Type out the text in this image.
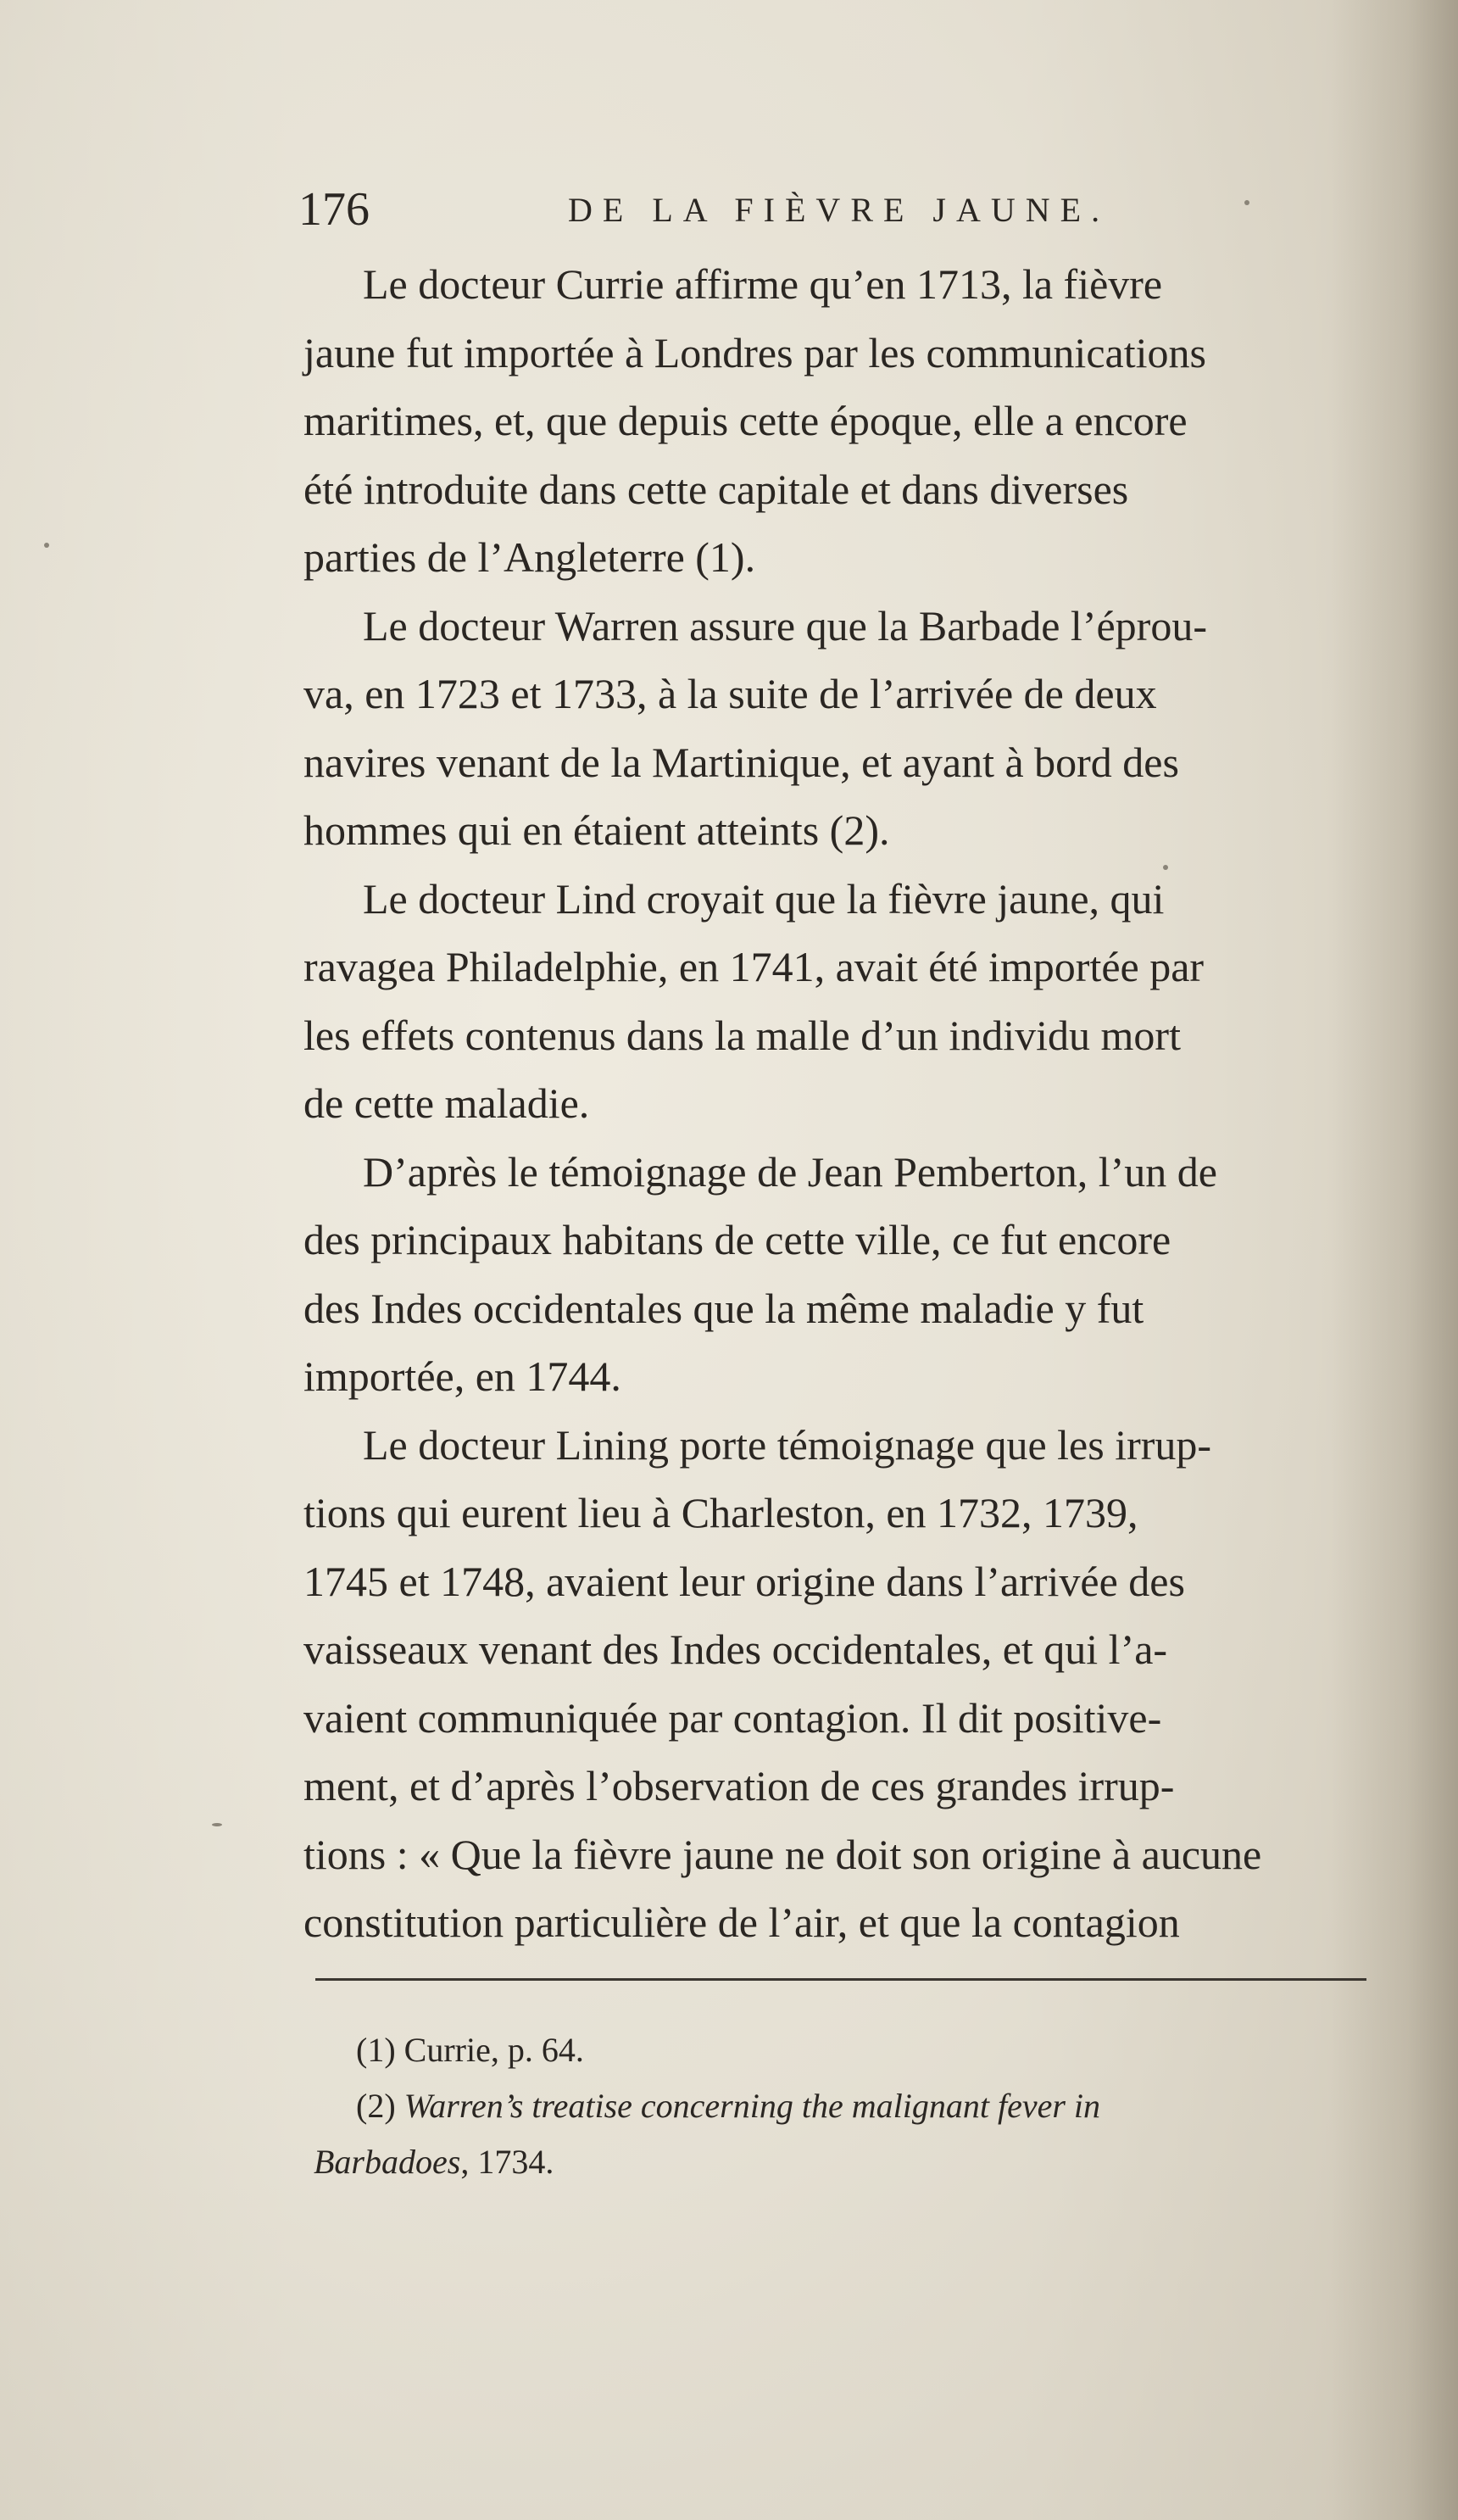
176	DE LA FIÈVRE JAUNE.
Le docteur Currie affirme qu’en 1713, la fièvre
jaune fut importée à Londres par les communications
maritimes, et, que depuis cette époque, elle a encore
été introduite dans cette capitale et dans diverses
parties de l’Angleterre (1).
Le docteur Warren assure que la Barbade l’éprou-
va, en 1723 et 1733, à la suite de l’arrivée de deux
navires venant de la Martinique, et ayant à bord des
hommes qui en étaient atteints (2).
Le docteur Lind croyait que la fièvre jaune, qui
ravagea Philadelphie, en 1741, avait été importée par
les effets contenus dans la malle d’un individu mort
de cette maladie.
D’après le témoignage de Jean Pemberton, l’un de
des principaux habitans de cette ville, ce fut encore
des Indes occidentales que la même maladie y fut
importée, en 1744.
Le docteur Lining porte témoignage que les irrup-
tions qui eurent lieu à Charleston, en 1732, 1739,
1745 et 1748, avaient leur origine dans l’arrivée des
vaisseaux venant des Indes occidentales, et qui l’a-
vaient communiquée par contagion. Il dit positive-
ment, et d’après l’observation de ces grandes irrup-
tions : « Que la fièvre jaune ne doit son origine à aucune
constitution particulière de l’air, et que la contagion
(1) Currie, p. 64.
(2) Warren’s treatise concerning the malignant fever in
Barbadoes, 1734.
